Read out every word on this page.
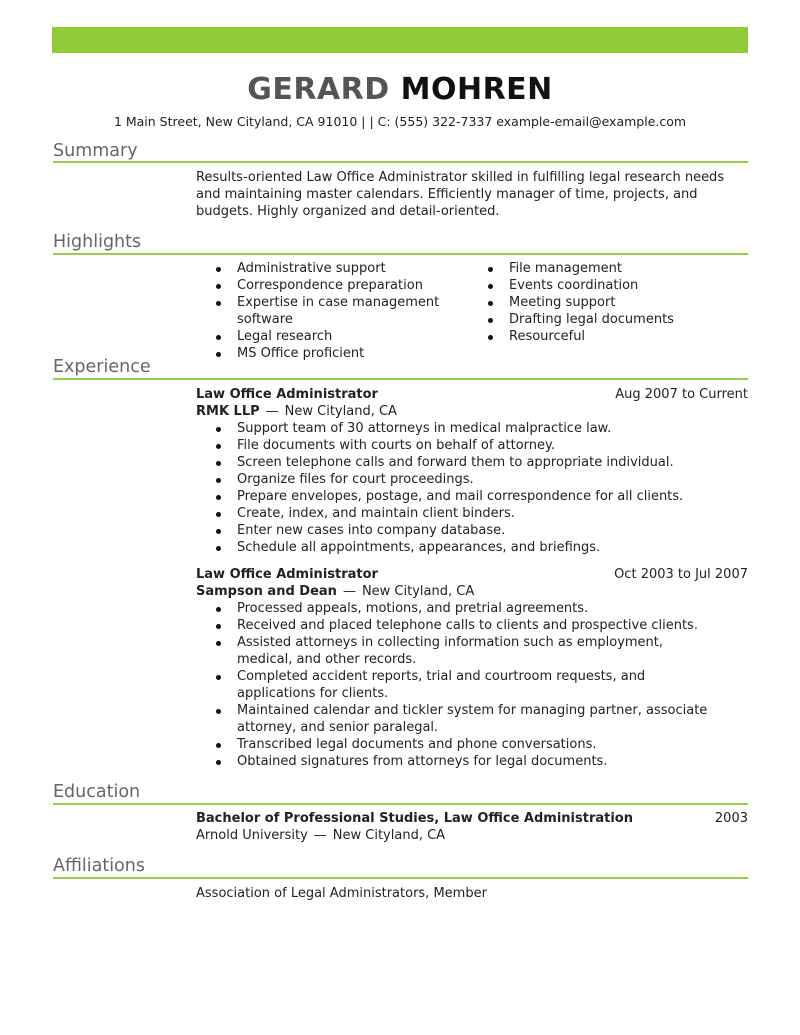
GERARD MOHREN
1 Main Street, New Cityland, CA 91010 | | C: (555) 322-7337 example-email@example.com
Summary
Results-oriented Law Office Administrator skilled in fulfilling legal research needs and maintaining master calendars. Efficiently manager of time, projects, and budgets. Highly organized and detail-oriented.
Highlights
Administrative support
Correspondence preparation
Expertise in case management software
Legal research
MS Office proficient
File management
Events coordination
Meeting support
Drafting legal documents
Resourceful
Experience
Law Office Administrator	Aug 2007 to Current
RMK LLP — New Cityland, CA
Support team of 30 attorneys in medical malpractice law.
File documents with courts on behalf of attorney.
Screen telephone calls and forward them to appropriate individual.
Organize files for court proceedings.
Prepare envelopes, postage, and mail correspondence for all clients.
Create, index, and maintain client binders.
Enter new cases into company database.
Schedule all appointments, appearances, and briefings.
Law Office Administrator	Oct 2003 to Jul 2007
Sampson and Dean — New Cityland, CA
Processed appeals, motions, and pretrial agreements.
Received and placed telephone calls to clients and prospective clients.
Assisted attorneys in collecting information such as employment, medical, and other records.
Completed accident reports, trial and courtroom requests, and applications for clients.
Maintained calendar and tickler system for managing partner, associate attorney, and senior paralegal.
Transcribed legal documents and phone conversations.
Obtained signatures from attorneys for legal documents.
Education
Bachelor of Professional Studies, Law Office Administration	2003
Arnold University — New Cityland, CA
Affiliations
Association of Legal Administrators, Member
